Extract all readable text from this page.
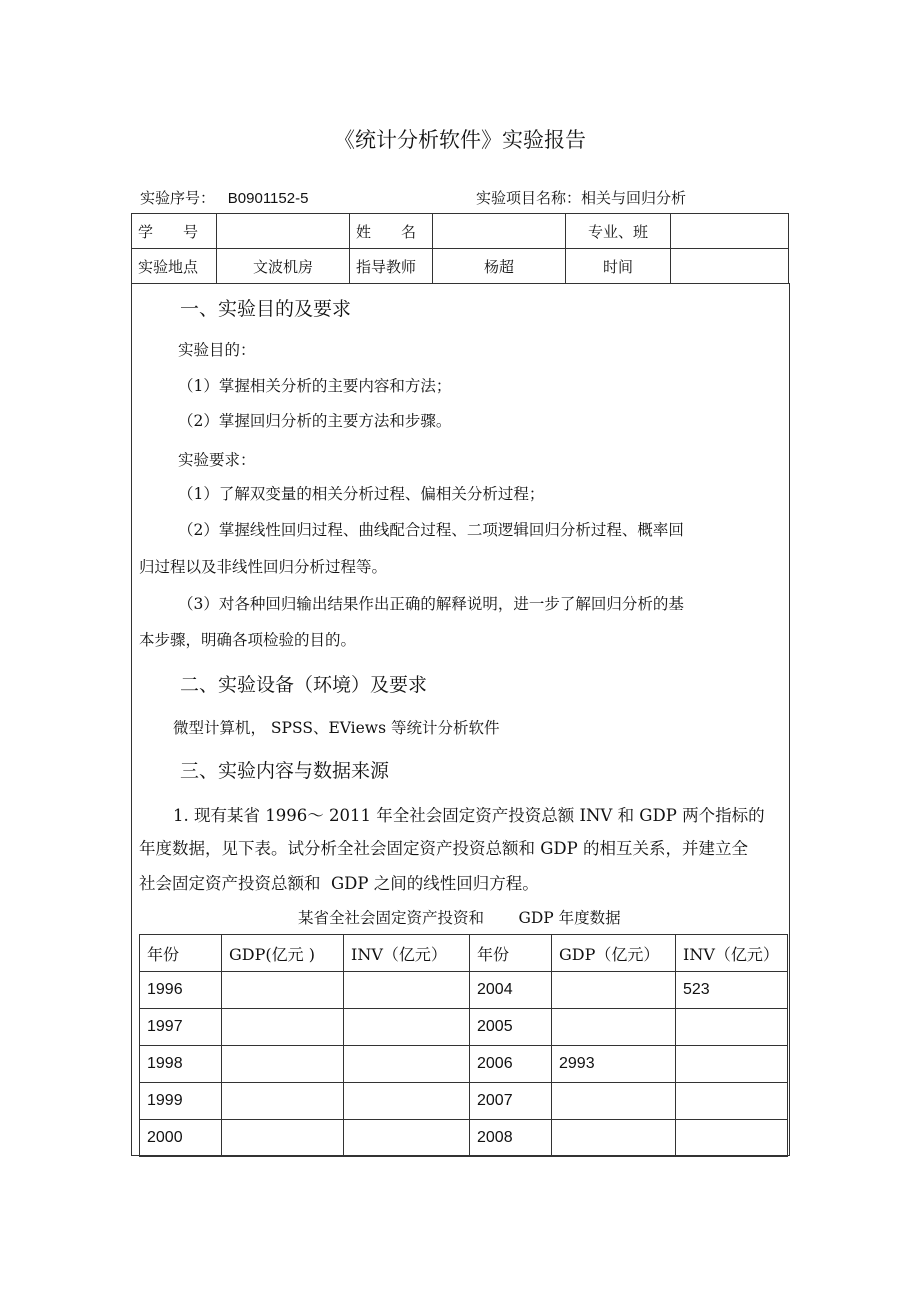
《统计分析软件》实验报告
实验序号： B0901152-5	实验项目名称：相关与回归分析
学　　号		姓　　名		专业、班	
实验地点	文波机房	指导教师	杨超	时间	
一、实验目的及要求
实验目的：
（1）掌握相关分析的主要内容和方法；
（2）掌握回归分析的主要方法和步骤。
实验要求：
（1）了解双变量的相关分析过程、偏相关分析过程；
（2）掌握线性回归过程、曲线配合过程、二项逻辑回归分析过程、概率回
归过程以及非线性回归分析过程等。
（3）对各种回归输出结果作出正确的解释说明，进一步了解回归分析的基
本步骤，明确各项检验的目的。
二、实验设备（环境）及要求
微型计算机， SPSS、EViews 等统计分析软件
三、实验内容与数据来源
1. 现有某省 1996～ 2011 年全社会固定资产投资总额 INV 和 GDP 两个指标的
年度数据，见下表。试分析全社会固定资产投资总额和 GDP 的相互关系，并建立全
社会固定资产投资总额和  GDP 之间的线性回归方程。
某省全社会固定资产投资和       GDP 年度数据
年份	GDP(亿元 )	INV（亿元）	年份	GDP（亿元）	INV（亿元）
1996			2004		523
1997			2005		
1998			2006	2993	
1999			2007		
2000			2008		
